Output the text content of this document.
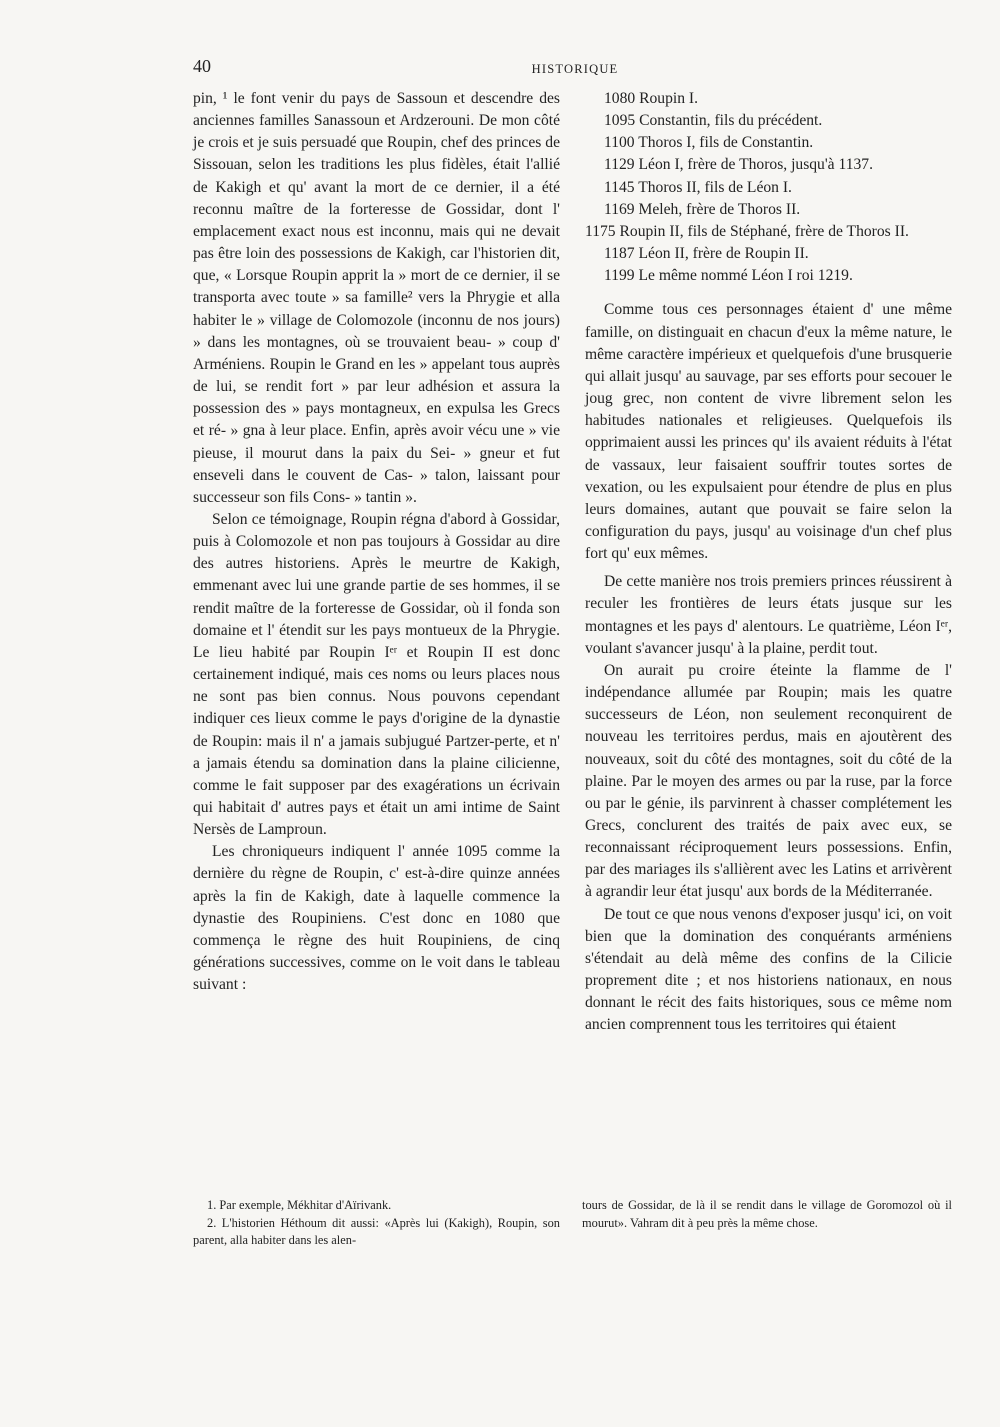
40	HISTORIQUE

pin, ¹ le font venir du pays de Sassoun et descendre des anciennes familles Sanassoun et Ardzerouni. De mon côté je crois et je suis persuadé que Roupin, chef des princes de Sissouan, selon les traditions les plus fidèles, était l'allié de Kakigh et qu' avant la mort de ce dernier, il a été reconnu maître de la forteresse de Gossidar, dont l' emplacement exact nous est inconnu, mais qui ne devait pas être loin des possessions de Kakigh, car l'historien dit, que, « Lorsque Roupin apprit la » mort de ce dernier, il se transporta avec toute » sa famille² vers la Phrygie et alla habiter le » village de Colomozole (inconnu de nos jours) » dans les montagnes, où se trouvaient beau- » coup d' Arméniens. Roupin le Grand en les » appelant tous auprès de lui, se rendit fort » par leur adhésion et assura la possession des » pays montagneux, en expulsa les Grecs et ré- » gna à leur place. Enfin, après avoir vécu une » vie pieuse, il mourut dans la paix du Sei- » gneur et fut enseveli dans le couvent de Cas- » talon, laissant pour successeur son fils Cons- » tantin ».

Selon ce témoignage, Roupin régna d'abord à Gossidar, puis à Colomozole et non pas toujours à Gossidar au dire des autres historiens. Après le meurtre de Kakigh, emmenant avec lui une grande partie de ses hommes, il se rendit maître de la forteresse de Gossidar, où il fonda son domaine et l' étendit sur les pays montueux de la Phrygie. Le lieu habité par Roupin Iᵉʳ et Roupin II est donc certainement indiqué, mais ces noms ou leurs places nous ne sont pas bien connus. Nous pouvons cependant indiquer ces lieux comme le pays d'origine de la dynastie de Roupin: mais il n' a jamais subjugué Partzer-perte, et n' a jamais étendu sa domination dans la plaine cilicienne, comme le fait supposer par des exagérations un écrivain qui habitait d' autres pays et était un ami intime de Saint Nersès de Lamproun.

Les chroniqueurs indiquent l' année 1095 comme la dernière du règne de Roupin, c' est-à-dire quinze années après la fin de Kakigh, date à laquelle commence la dynastie des Roupiniens. C'est donc en 1080 que commença le règne des huit Roupiniens, de cinq générations successives, comme on le voit dans le tableau suivant :

1080 Roupin I.

1095 Constantin, fils du précédent.

1100 Thoros I, fils de Constantin.

1129 Léon I, frère de Thoros, jusqu'à 1137.

1145 Thoros II, fils de Léon I.

1169 Meleh, frère de Thoros II.

1175 Roupin II, fils de Stéphané, frère de Thoros II.

1187 Léon II, frère de Roupin II.

1199 Le même nommé Léon I roi 1219.

Comme tous ces personnages étaient d' une même famille, on distinguait en chacun d'eux la même nature, le même caractère impérieux et quelquefois d'une brusquerie qui allait jusqu' au sauvage, par ses efforts pour secouer le joug grec, non content de vivre librement selon les habitudes nationales et religieuses. Quelquefois ils opprimaient aussi les princes qu' ils avaient réduits à l'état de vassaux, leur faisaient souffrir toutes sortes de vexation, ou les expulsaient pour étendre de plus en plus leurs domaines, autant que pouvait se faire selon la configuration du pays, jusqu' au voisinage d'un chef plus fort qu' eux mêmes.

De cette manière nos trois premiers princes réussirent à reculer les frontières de leurs états jusque sur les montagnes et les pays d' alentours. Le quatrième, Léon Iᵉʳ, voulant s'avancer jusqu' à la plaine, perdit tout.

On aurait pu croire éteinte la flamme de l' indépendance allumée par Roupin; mais les quatre successeurs de Léon, non seulement reconquirent de nouveau les territoires perdus, mais en ajoutèrent des nouveaux, soit du côté des montagnes, soit du côté de la plaine. Par le moyen des armes ou par la ruse, par la force ou par le génie, ils parvinrent à chasser complétement les Grecs, conclurent des traités de paix avec eux, se reconnaissant réciproquement leurs possessions. Enfin, par des mariages ils s'allièrent avec les Latins et arrivèrent à agrandir leur état jusqu' aux bords de la Méditerranée.

De tout ce que nous venons d'exposer jusqu' ici, on voit bien que la domination des conquérants arméniens s'étendait au delà même des confins de la Cilicie proprement dite ; et nos historiens nationaux, en nous donnant le récit des faits historiques, sous ce même nom ancien comprennent tous les territoires qui étaient

1. Par exemple, Mékhitar d'Aïrivank.

2. L'historien Héthoum dit aussi: «Après lui (Kakigh), Roupin, son parent, alla habiter dans les alen-

tours de Gossidar, de là il se rendit dans le village de Goromozol où il mourut». Vahram dit à peu près la même chose.
